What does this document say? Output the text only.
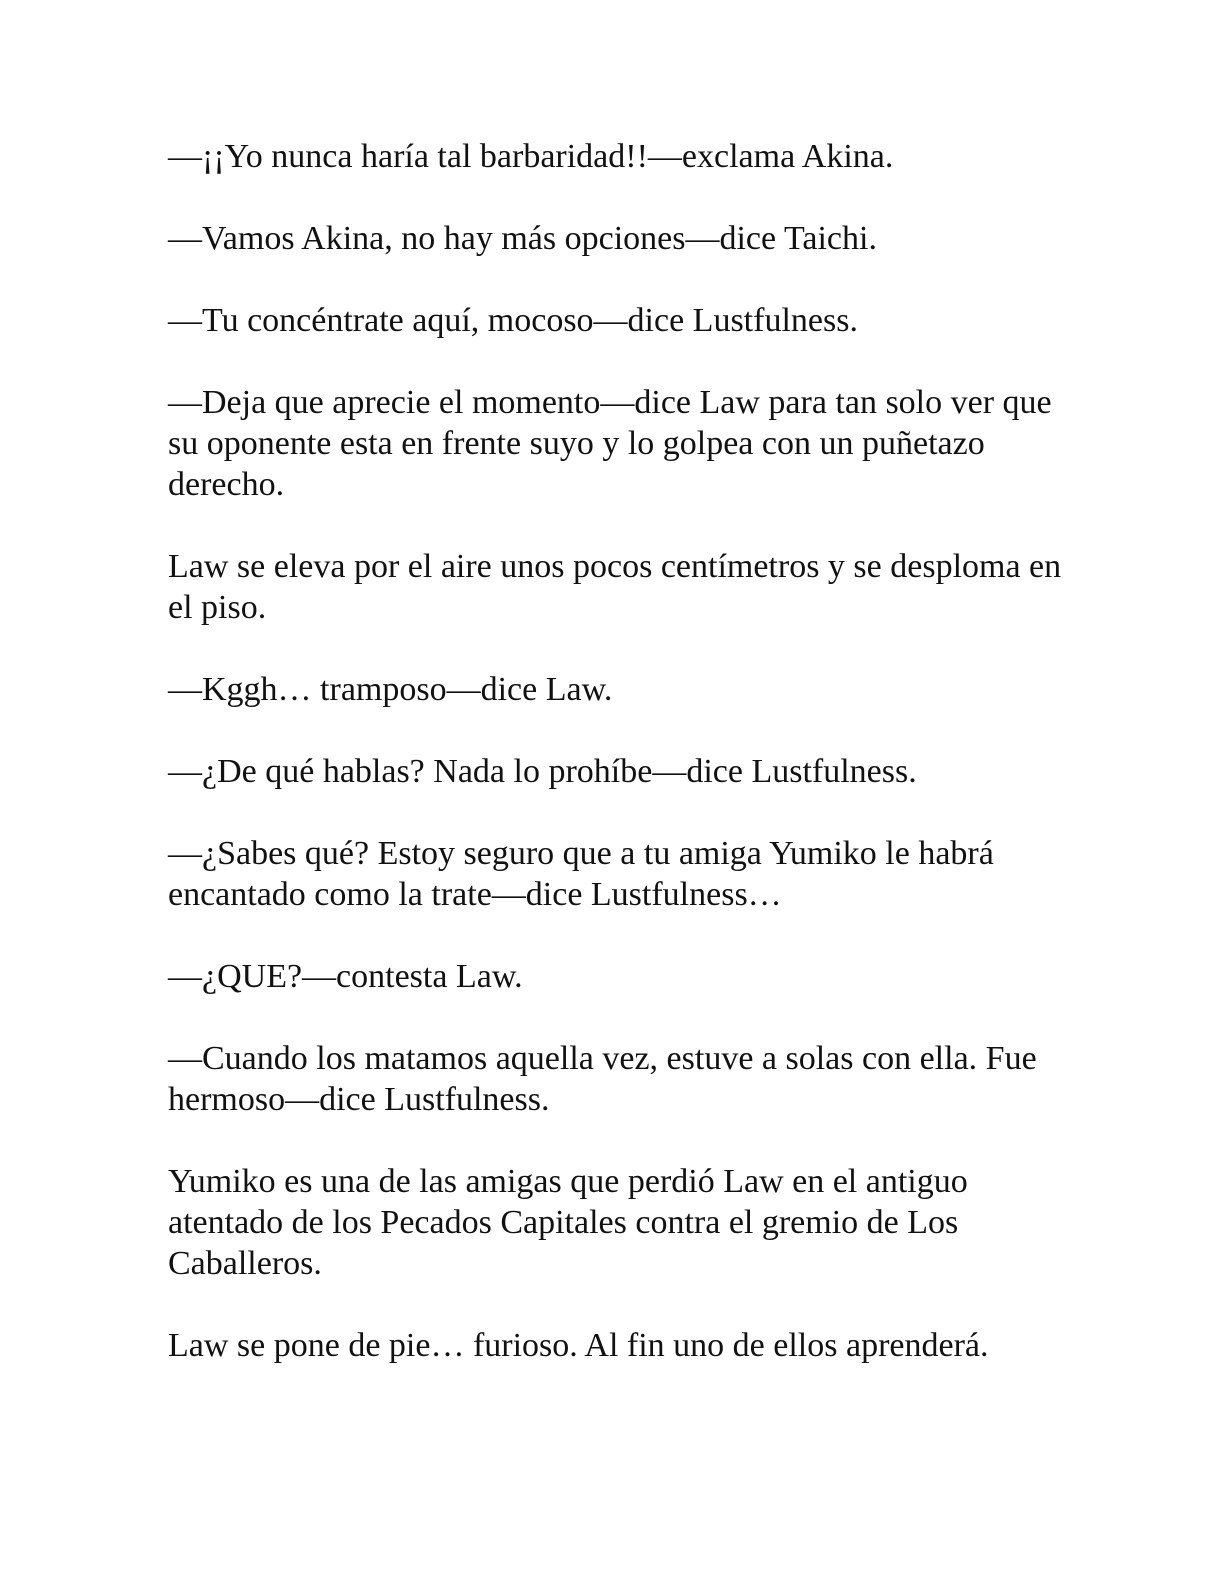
—¡¡Yo nunca haría tal barbaridad!!—exclama Akina.

—Vamos Akina, no hay más opciones—dice Taichi.

—Tu concéntrate aquí, mocoso—dice Lustfulness.

—Deja que aprecie el momento—dice Law para tan solo ver que su oponente esta en frente suyo y lo golpea con un puñetazo derecho.

Law se eleva por el aire unos pocos centímetros y se desploma en el piso.

—Kggh… tramposo—dice Law.

—¿De qué hablas? Nada lo prohíbe—dice Lustfulness.

—¿Sabes qué? Estoy seguro que a tu amiga Yumiko le habrá encantado como la trate—dice Lustfulness…

—¿QUE?—contesta Law.

—Cuando los matamos aquella vez, estuve a solas con ella. Fue hermoso—dice Lustfulness.

Yumiko es una de las amigas que perdió Law en el antiguo atentado de los Pecados Capitales contra el gremio de Los Caballeros.

Law se pone de pie… furioso. Al fin uno de ellos aprenderá.
